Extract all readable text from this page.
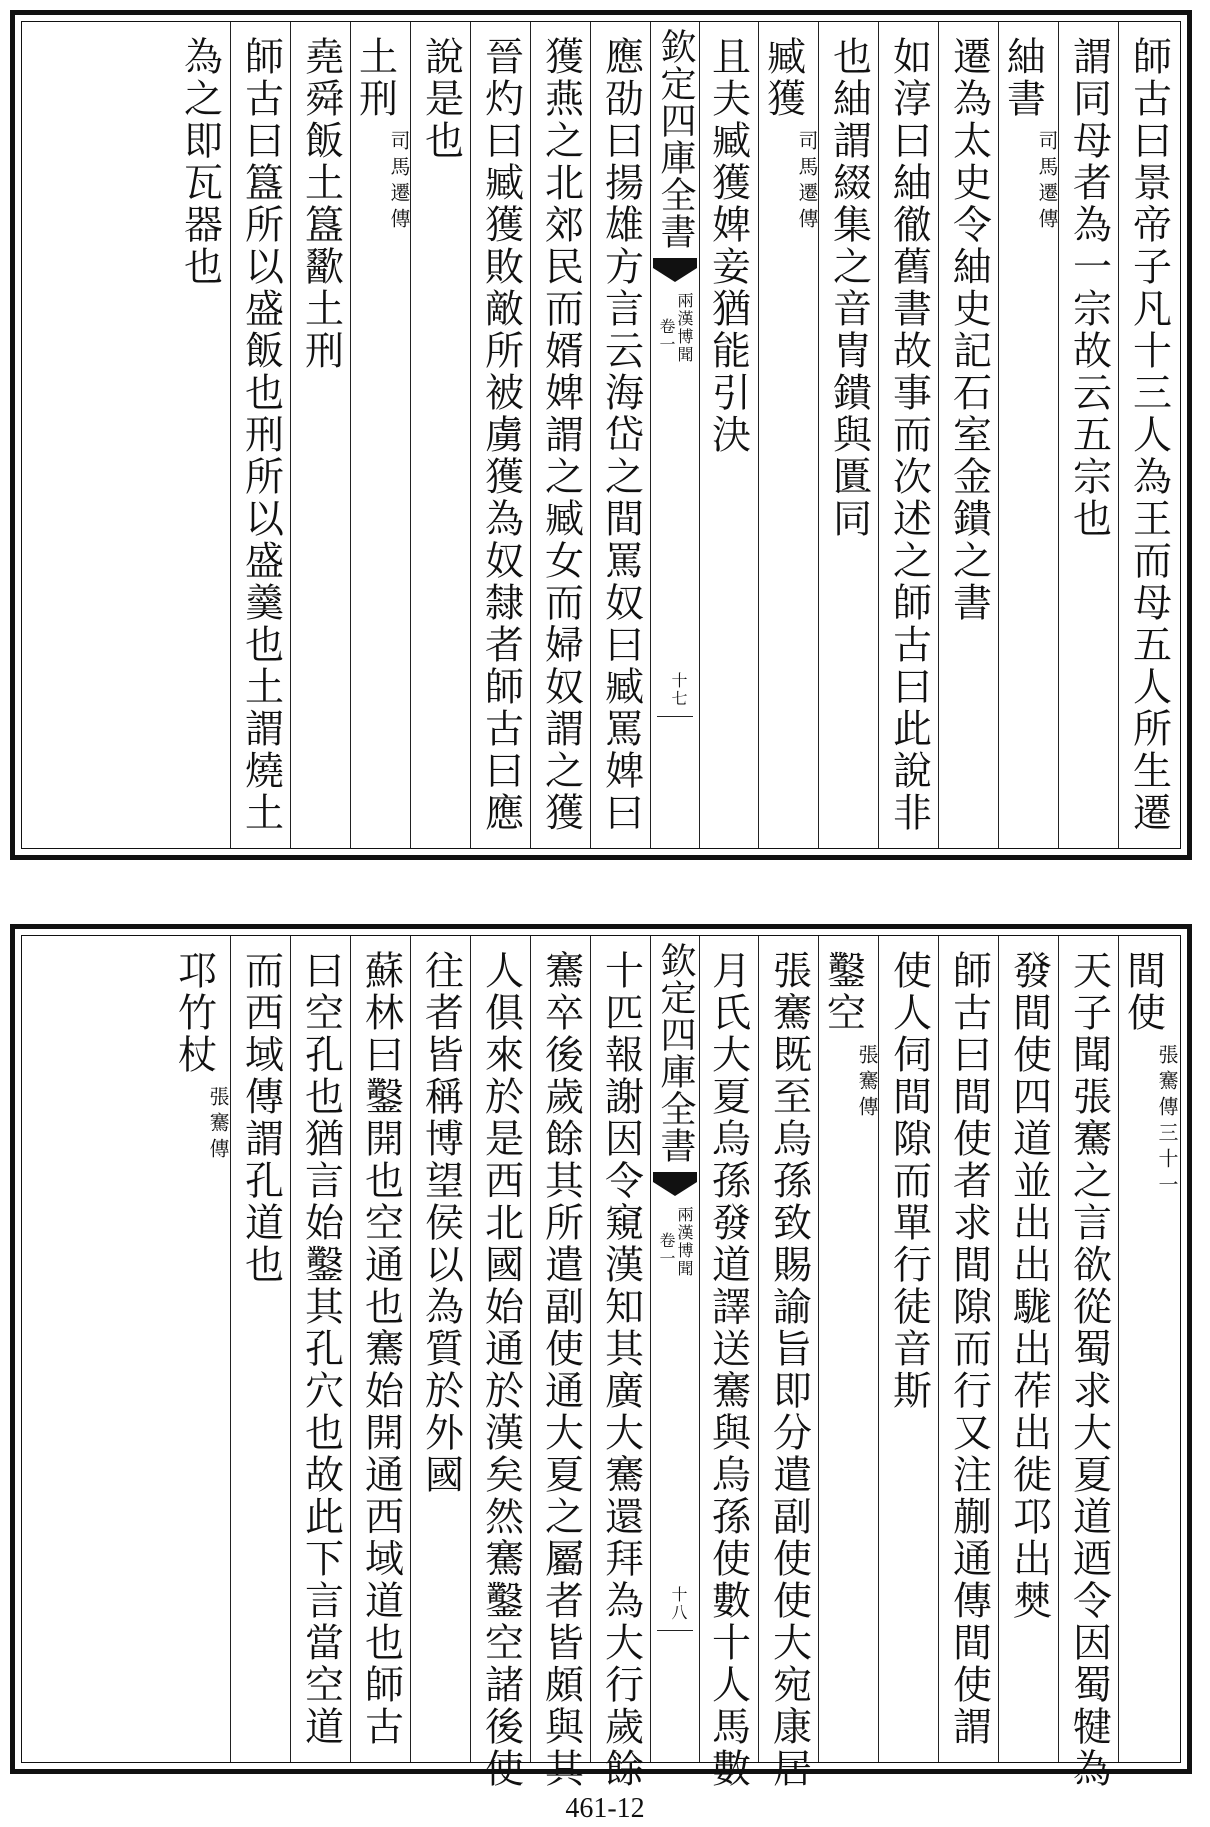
師古曰景帝子凡十三人為王而母五人所生遷
謂同母者為一宗故云五宗也
紬書
司馬遷傳
遷為太史令紬史記石室金鐀之書
如淳曰紬徹舊書故事而次述之師古曰此說非
也紬謂綴集之音冑鐀與匱同
臧獲
司馬遷傳
且夫臧獲婢妾猶能引決
應劭曰揚雄方言云海岱之間罵奴曰臧罵婢曰
獲燕之北郊民而婿婢謂之臧女而婦奴謂之獲
晉灼曰臧獲敗敵所被虜獲為奴隸者師古曰應
說是也
土刑
司馬遷傳
堯舜飯土簋歠土刑
師古曰簋所以盛飯也刑所以盛羹也土謂燒土
為之即瓦器也	欽定四庫全書
兩漢博聞
卷一
十七
間使
張騫傳三十一
天子聞張騫之言欲從蜀求大夏道迺令因蜀犍為
發間使四道並出出駹出莋出徙邛出僰
師古曰間使者求間隙而行又注蒯通傳間使謂
使人伺間隙而單行徒音斯
鑿空
張騫傳
張騫既至烏孫致賜諭旨即分遣副使使大宛康居
月氏大夏烏孫發道譯送騫與烏孫使數十人馬數
十匹報謝因令窺漢知其廣大騫還拜為大行歲餘
騫卒後歲餘其所遣副使通大夏之屬者皆頗與其
人俱來於是西北國始通於漢矣然騫鑿空諸後使
往者皆稱博望侯以為質於外國
蘇林曰鑿開也空通也騫始開通西域道也師古
曰空孔也猶言始鑿其孔穴也故此下言當空道
而西域傳謂孔道也
邛竹杖
張騫傳	欽定四庫全書
兩漢博聞
卷一
十八
461-12
